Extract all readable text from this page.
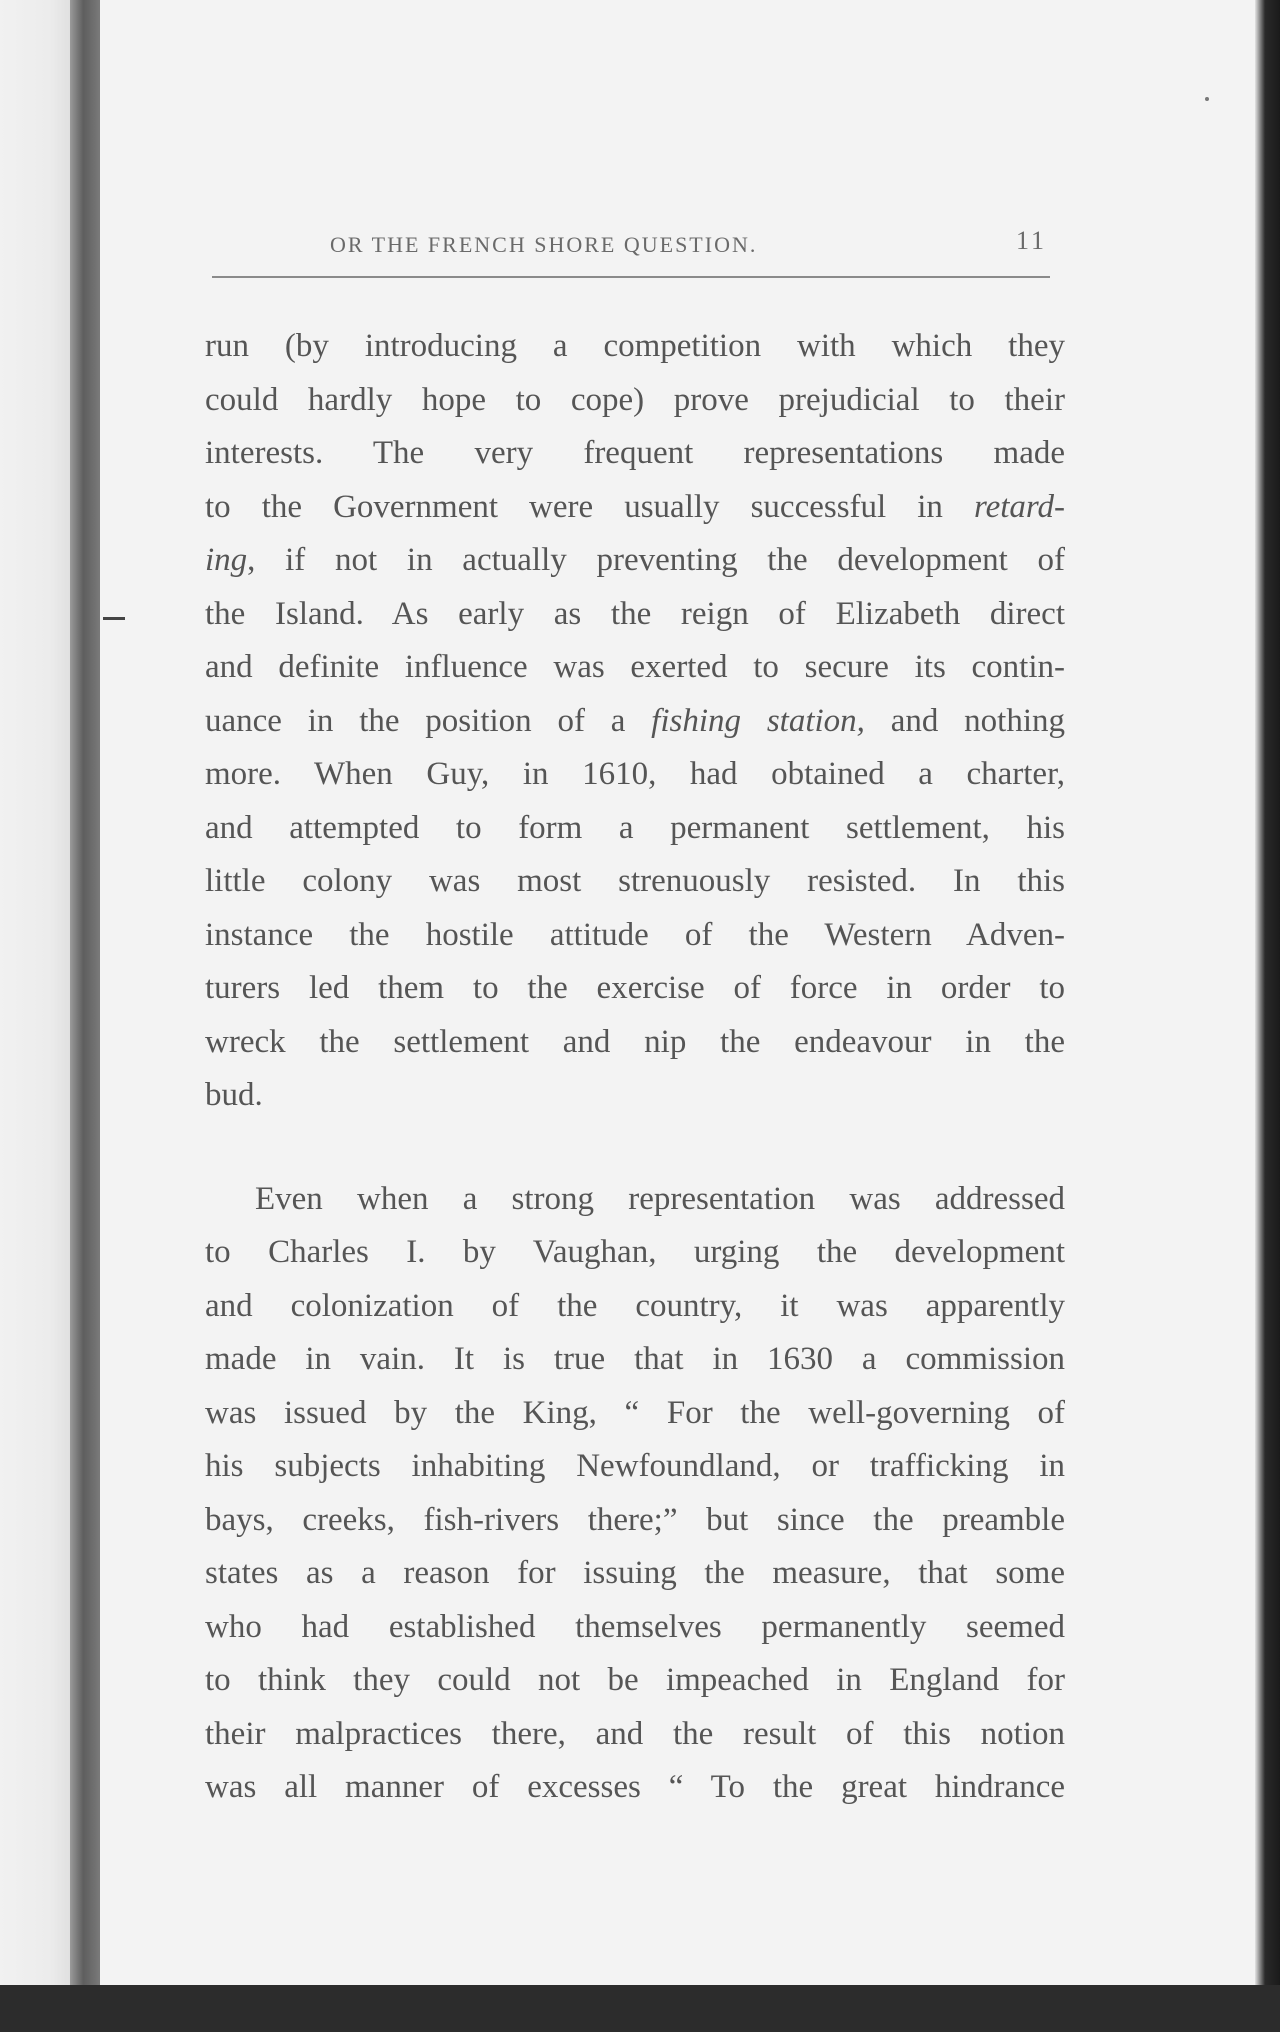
OR THE FRENCH SHORE QUESTION.	11
run (by introducing a competition with which they
could hardly hope to cope) prove prejudicial to their
interests. The very frequent representations made
to the Government were usually successful in retard-
ing, if not in actually preventing the development of
the Island. As early as the reign of Elizabeth direct
and definite influence was exerted to secure its contin-
uance in the position of a fishing station, and nothing
more. When Guy, in 1610, had obtained a charter,
and attempted to form a permanent settlement, his
little colony was most strenuously resisted. In this
instance the hostile attitude of the Western Adven-
turers led them to the exercise of force in order to
wreck the settlement and nip the endeavour in the
bud.
Even when a strong representation was addressed
to Charles I. by Vaughan, urging the development
and colonization of the country, it was apparently
made in vain. It is true that in 1630 a commission
was issued by the King, “ For the well-governing of
his subjects inhabiting Newfoundland, or trafficking in
bays, creeks, fish-rivers there;” but since the preamble
states as a reason for issuing the measure, that some
who had established themselves permanently seemed
to think they could not be impeached in England for
their malpractices there, and the result of this notion
was all manner of excesses “ To the great hindrance
